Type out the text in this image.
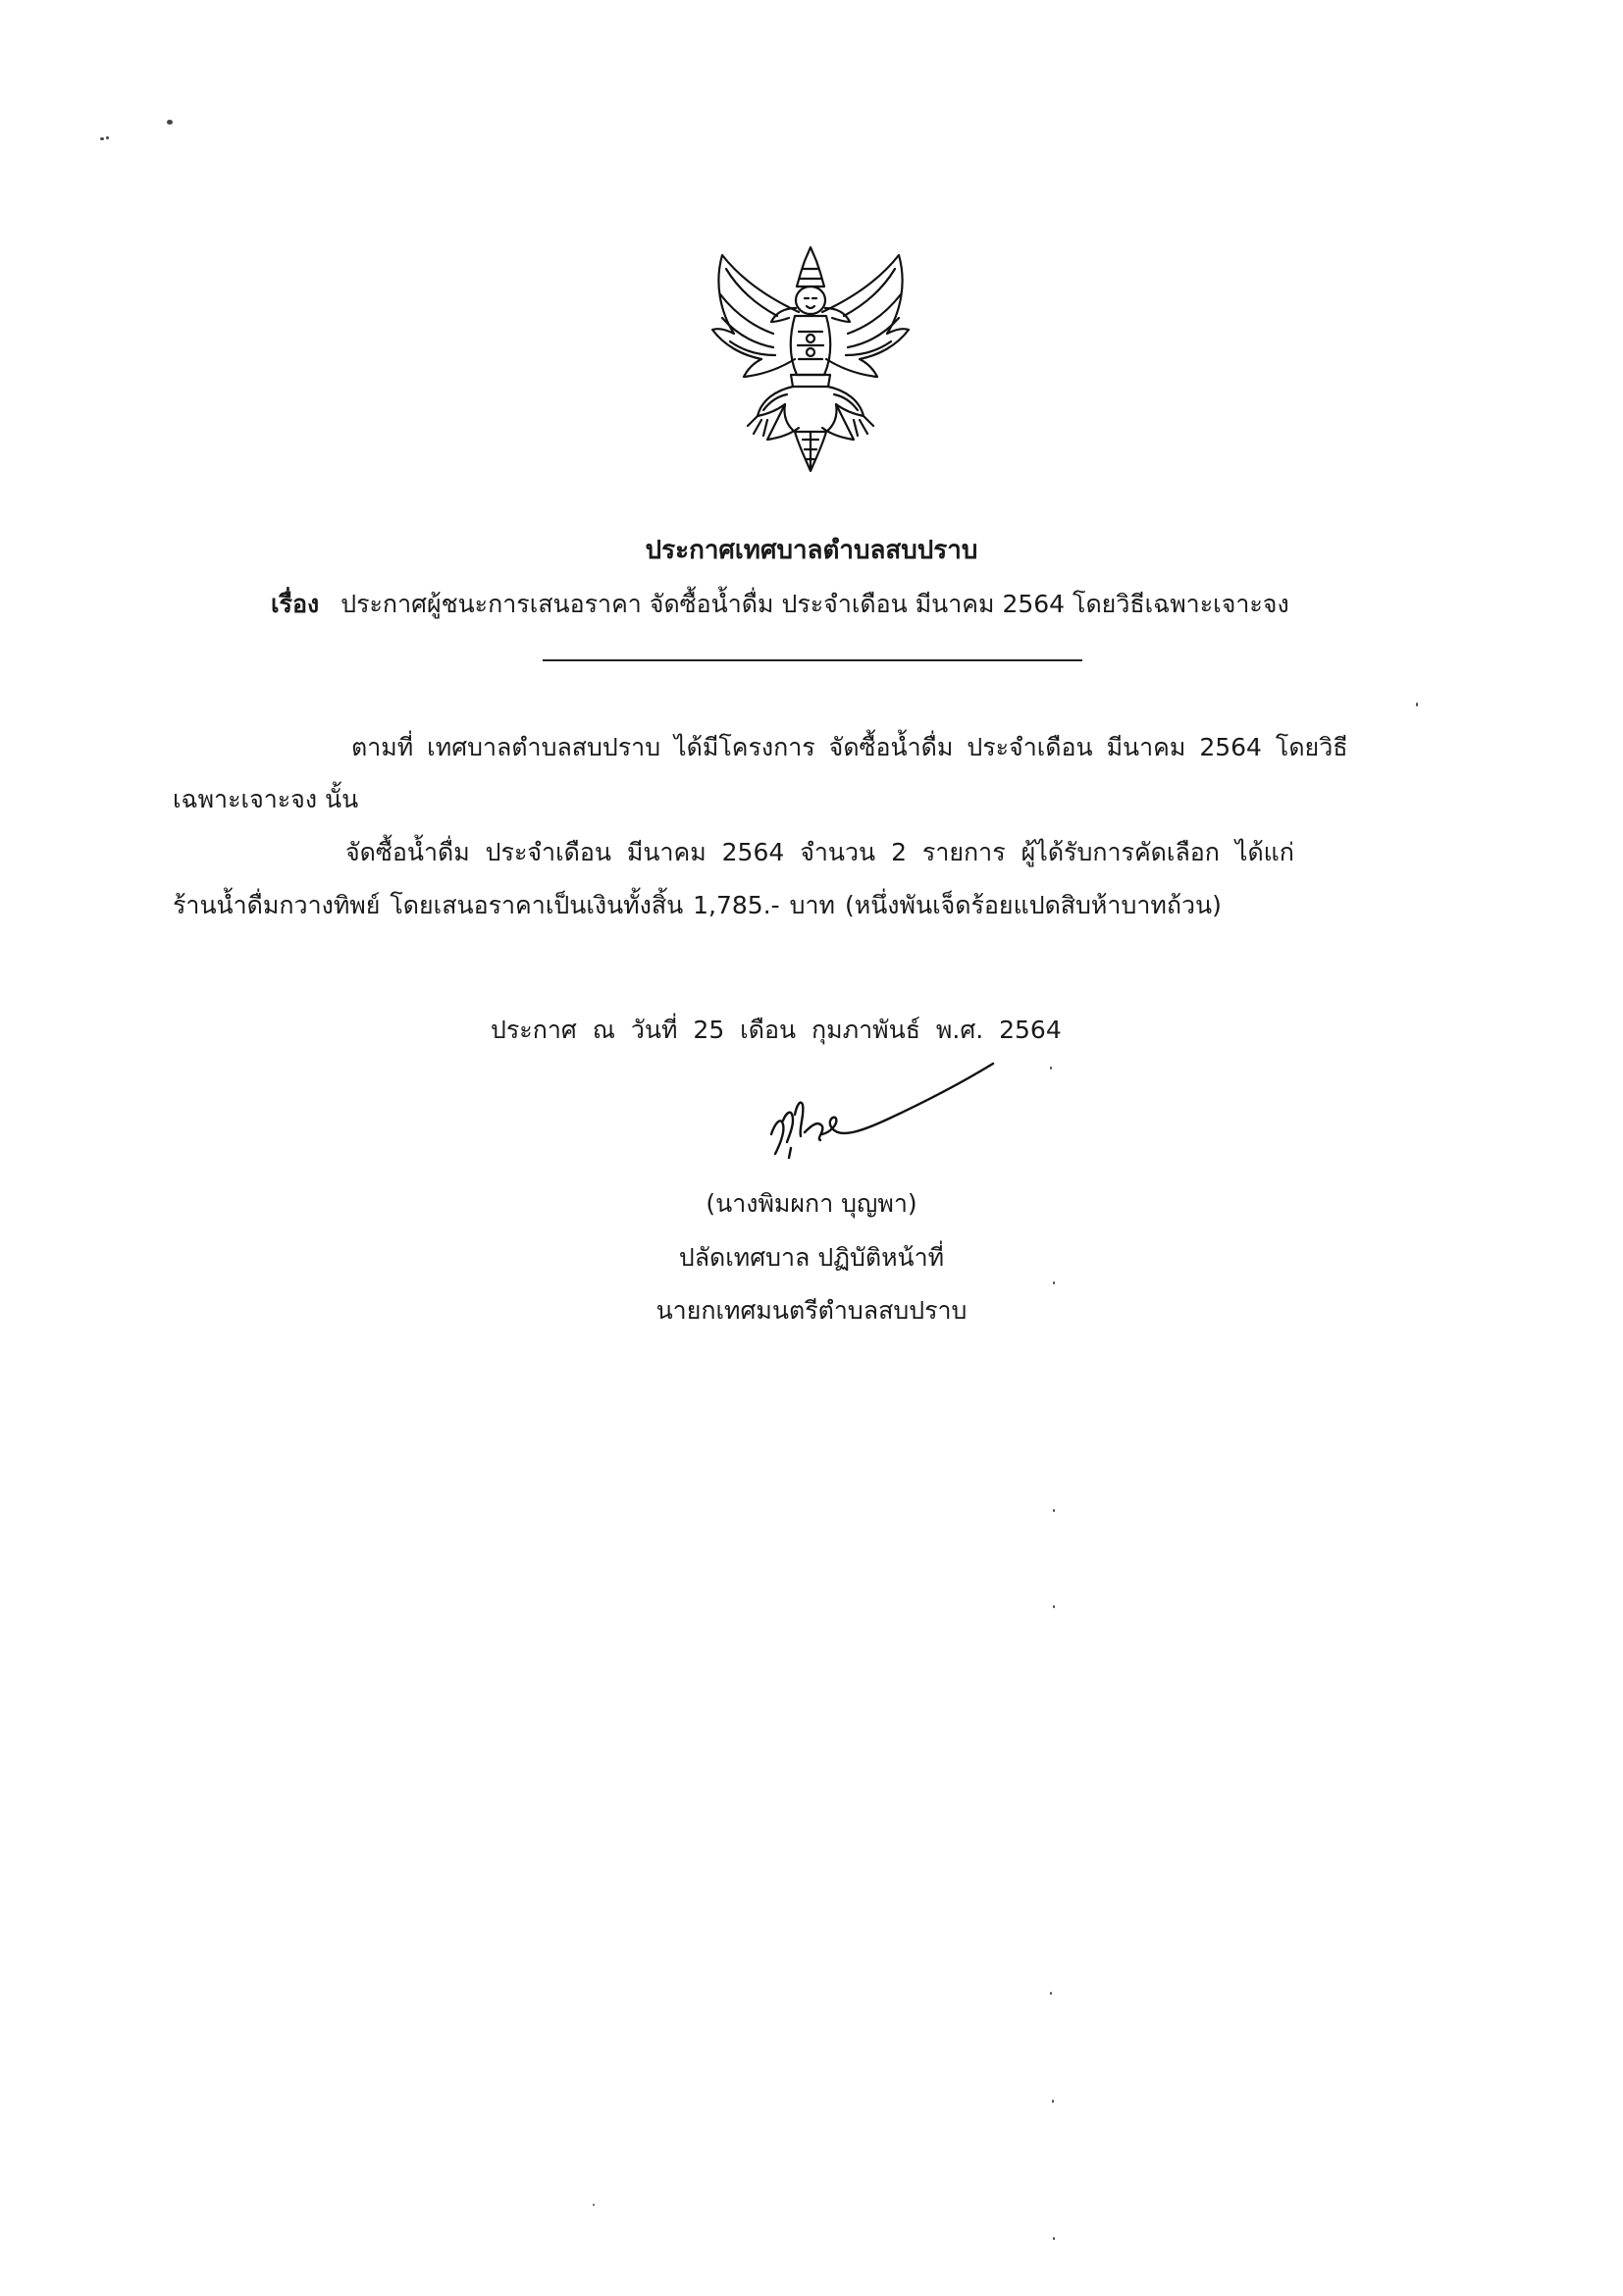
ประกาศเทศบาลตำบลสบปราบ
เรื่อง ประกาศผู้ชนะการเสนอราคา จัดซื้อน้ำดื่ม ประจำเดือน มีนาคม 2564 โดยวิธีเฉพาะเจาะจง
ตามที่ เทศบาลตำบลสบปราบ ได้มีโครงการ จัดซื้อน้ำดื่ม ประจำเดือน มีนาคม 2564 โดยวิธี
เฉพาะเจาะจง นั้น
จัดซื้อน้ำดื่ม ประจำเดือน มีนาคม 2564 จำนวน 2 รายการ ผู้ได้รับการคัดเลือก ได้แก่
ร้านน้ำดื่มกวางทิพย์ โดยเสนอราคาเป็นเงินทั้งสิ้น 1,785.- บาท (หนึ่งพันเจ็ดร้อยแปดสิบห้าบาทถ้วน)
ประกาศ ณ วันที่ 25 เดือน กุมภาพันธ์ พ.ศ. 2564
(นางพิมผกา บุญพา)
ปลัดเทศบาล ปฏิบัติหน้าที่
นายกเทศมนตรีตำบลสบปราบ
